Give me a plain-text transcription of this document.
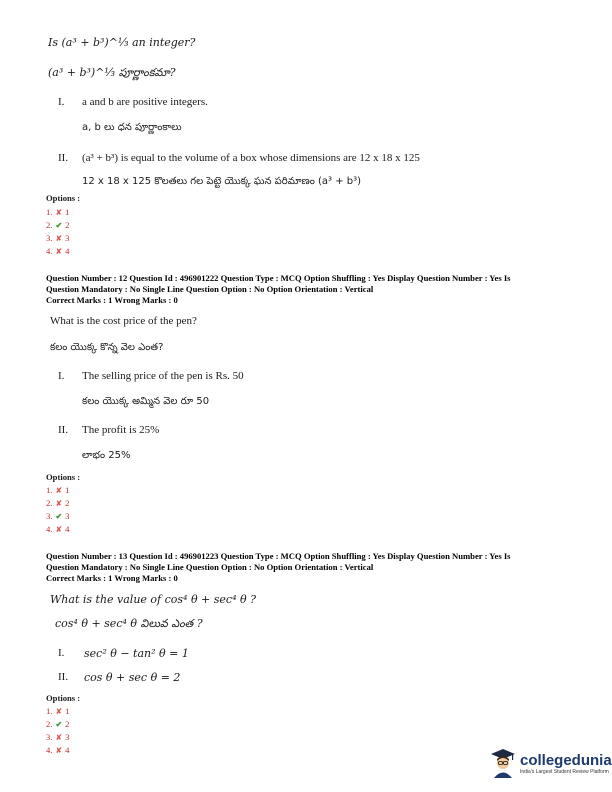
Is (a³ + b³)^⅓ an integer?
(a³ + b³)^⅓ పూర్ణాంకమా?
I. a and b are positive integers.
a, b లు ధన పూర్ణాంకాలు
II. (a³ + b³) is equal to the volume of a box whose dimensions are 12 x 18 x 125
12 x 18 x 125 కొలతలు గల పెట్టె యొక్క ఘన పరిమాణం (a³ + b³)
Options :
1. ✘ 1
2. ✔ 2
3. ✘ 3
4. ✘ 4
Question Number : 12 Question Id : 496901222 Question Type : MCQ Option Shuffling : Yes Display Question Number : Yes Is
Question Mandatory : No Single Line Question Option : No Option Orientation : Vertical
Correct Marks : 1 Wrong Marks : 0
What is the cost price of the pen?
కలం యొక్క కొన్న వెల ఎంత?
I. The selling price of the pen is Rs. 50
కలం యొక్క అమ్మిన వెల రూ 50
II. The profit is 25%
లాభం 25%
Options :
1. ✘ 1
2. ✘ 2
3. ✔ 3
4. ✘ 4
Question Number : 13 Question Id : 496901223 Question Type : MCQ Option Shuffling : Yes Display Question Number : Yes Is
Question Mandatory : No Single Line Question Option : No Option Orientation : Vertical
Correct Marks : 1 Wrong Marks : 0
What is the value of cos⁴ θ + sec⁴ θ ?
cos⁴ θ + sec⁴ θ విలువ ఎంత ?
I. sec² θ − tan² θ = 1
II. cos θ + sec θ = 2
Options :
1. ✘ 1
2. ✔ 2
3. ✘ 3
4. ✘ 4
collegedunia
India's Largest Student Review Platform
